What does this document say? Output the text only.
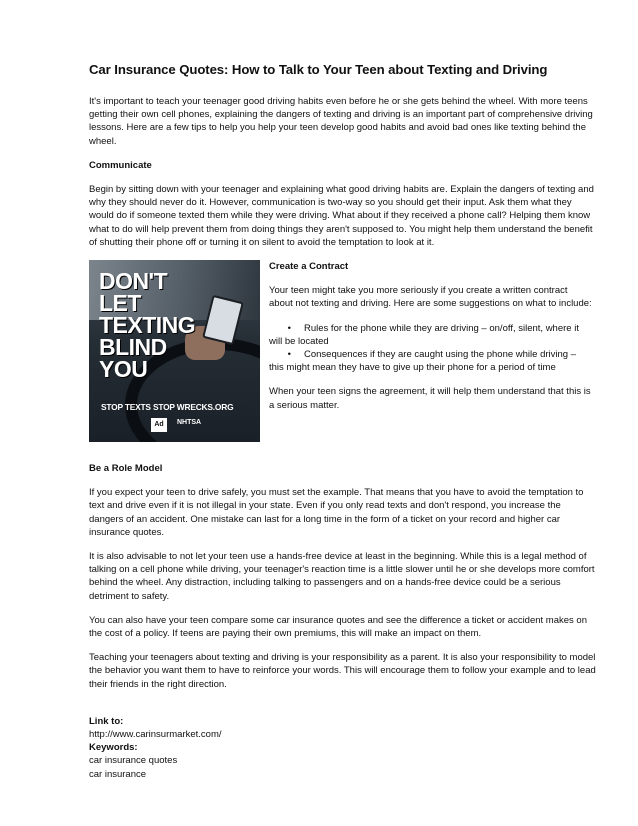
Car Insurance Quotes: How to Talk to Your Teen about Texting and Driving

It's important to teach your teenager good driving habits even before he or she gets behind the wheel. With more teens getting their own cell phones, explaining the dangers of texting and driving is an important part of comprehensive driving lessons. Here are a few tips to help you help your teen develop good habits and avoid bad ones like texting behind the wheel.

Communicate

Begin by sitting down with your teenager and explaining what good driving habits are. Explain the dangers of texting and why they should never do it. However, communication is two-way so you should get their input. Ask them what they would do if someone texted them while they were driving. What about if they received a phone call? Helping them know what to do will help prevent them from doing things they aren't supposed to. You might help them understand the benefit of shutting their phone off or turning it on silent to avoid the temptation to look at it.

DON'T LET TEXTING BLIND YOU
STOP TEXTS STOP WRECKS.ORG
Ad	NHTSA

Create a Contract

Your teen might take you more seriously if you create a written contract about not texting and driving. Here are some suggestions on what to include:

• Rules for the phone while they are driving – on/off, silent, where it will be located
• Consequences if they are caught using the phone while driving – this might mean they have to give up their phone for a period of time

When your teen signs the agreement, it will help them understand that this is a serious matter.

Be a Role Model

If you expect your teen to drive safely, you must set the example. That means that you have to avoid the temptation to text and drive even if it is not illegal in your state. Even if you only read texts and don't respond, you increase the dangers of an accident. One mistake can last for a long time in the form of a ticket on your record and higher car insurance quotes.

It is also advisable to not let your teen use a hands-free device at least in the beginning. While this is a legal method of talking on a cell phone while driving, your teenager's reaction time is a little slower until he or she develops more comfort behind the wheel. Any distraction, including talking to passengers and on a hands-free device could be a serious detriment to safety.

You can also have your teen compare some car insurance quotes and see the difference a ticket or accident makes on the cost of a policy. If teens are paying their own premiums, this will make an impact on them.

Teaching your teenagers about texting and driving is your responsibility as a parent. It is also your responsibility to model the behavior you want them to have to reinforce your words. This will encourage them to follow your example and to lead their friends in the right direction.

Link to:

http://www.carinsurmarket.com/

Keywords:

car insurance quotes

car insurance
